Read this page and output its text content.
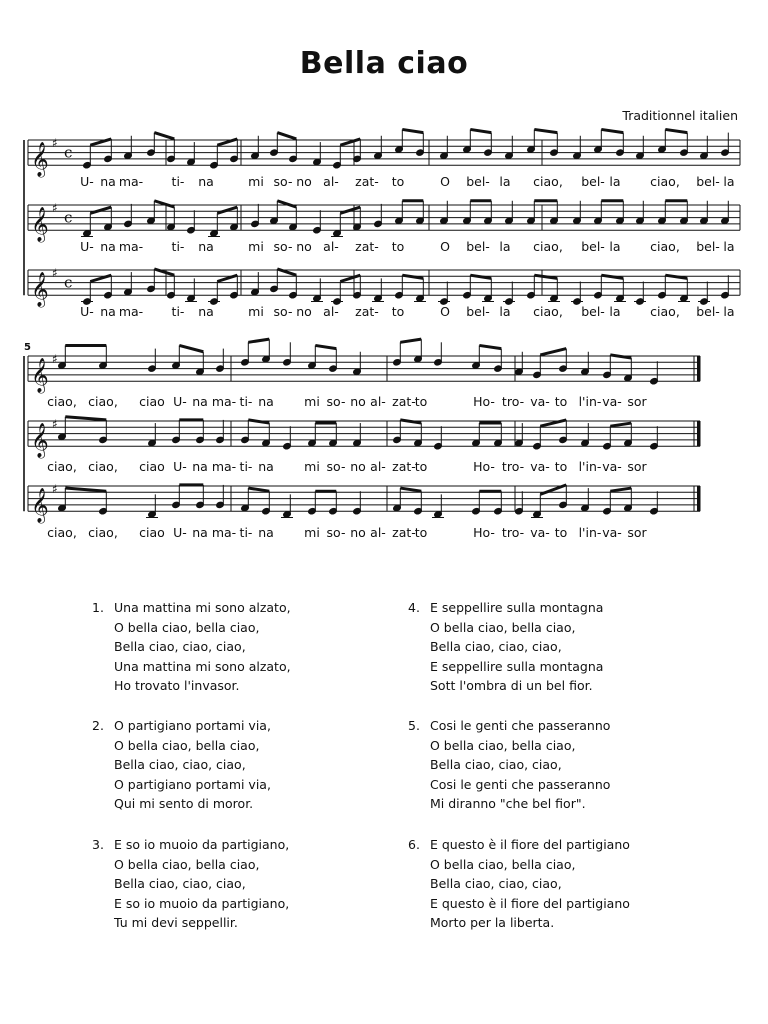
Bella ciao
Traditionnel italien
𝄞 ♯
c
𝄞 ♯
c
𝄞 ♯
c
U- na ma- ti- na	mi so- no al- zat- to	O bel- la ciao, bel- la ciao, bel- la
U- na ma- ti- na	mi so- no al- zat- to	O bel- la ciao, bel- la ciao, bel- la
U- na ma- ti- na	mi so- no al- zat- to	O bel- la ciao, bel- la ciao, bel- la
𝄞 ♯
𝄞 ♯
𝄞 ♯
5
ciao, ciao, ciao U- na ma- ti- na mi so- no al- zat-
to	Ho- tro- va- to l'in- va- sor
ciao, ciao, ciao U- na ma- ti- na mi so- no al- zat-
to	Ho- tro- va- to l'in- va- sor
ciao, ciao, ciao U- na ma- ti- na mi so- no al- zat-
to	Ho- tro- va- to l'in- va- sor
1. Una mattina mi sono alzato,
O bella ciao, bella ciao,
Bella ciao, ciao, ciao,
Una mattina mi sono alzato,
Ho trovato l'invasor.
2. O partigiano portami via,
O bella ciao, bella ciao,
Bella ciao, ciao, ciao,
O partigiano portami via,
Qui mi sento di moror.
3. E so io muoio da partigiano,
O bella ciao, bella ciao,
Bella ciao, ciao, ciao,
E so io muoio da partigiano,
Tu mi devi seppellir.
4. E seppellire sulla montagna
O bella ciao, bella ciao,
Bella ciao, ciao, ciao,
E seppellire sulla montagna
Sott l'ombra di un bel fior.
5. Cosi le genti che passeranno
O bella ciao, bella ciao,
Bella ciao, ciao, ciao,
Cosi le genti che passeranno
Mi diranno "che bel fior".
6. E questo è il fiore del partigiano
O bella ciao, bella ciao,
Bella ciao, ciao, ciao,
E questo è il fiore del partigiano
Morto per la liberta.
